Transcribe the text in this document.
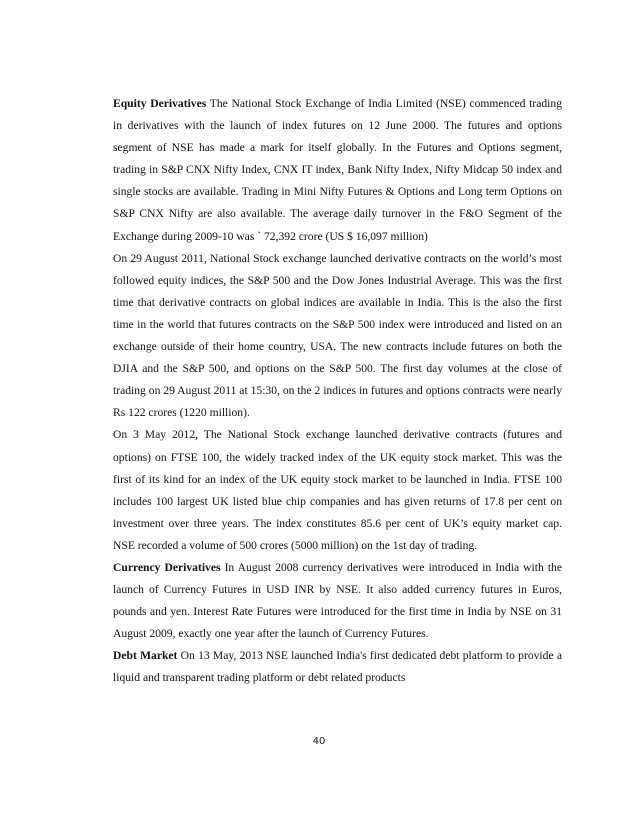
Equity Derivatives The National Stock Exchange of India Limited (NSE) commenced trading in derivatives with the launch of index futures on 12 June 2000. The futures and options segment of NSE has made a mark for itself globally. In the Futures and Options segment, trading in S&P CNX Nifty Index, CNX IT index, Bank Nifty Index, Nifty Midcap 50 index and single stocks are available. Trading in Mini Nifty Futures & Options and Long term Options on S&P CNX Nifty are also available. The average daily turnover in the F&O Segment of the Exchange during 2009-10 was ` 72,392 crore (US $ 16,097 million)

On 29 August 2011, National Stock exchange launched derivative contracts on the world’s most followed equity indices, the S&P 500 and the Dow Jones Industrial Average. This was the first time that derivative contracts on global indices are available in India. This is the also the first time in the world that futures contracts on the S&P 500 index were introduced and listed on an exchange outside of their home country, USA. The new contracts include futures on both the DJIA and the S&P 500, and options on the S&P 500. The first day volumes at the close of trading on 29 August 2011 at 15:30, on the 2 indices in futures and options contracts were nearly Rs 122 crores (1220 million).

On 3 May 2012, The National Stock exchange launched derivative contracts (futures and options) on FTSE 100, the widely tracked index of the UK equity stock market. This was the first of its kind for an index of the UK equity stock market to be launched in India. FTSE 100 includes 100 largest UK listed blue chip companies and has given returns of 17.8 per cent on investment over three years. The index constitutes 85.6 per cent of UK’s equity market cap. NSE recorded a volume of 500 crores (5000 million) on the 1st day of trading.

Currency Derivatives In August 2008 currency derivatives were introduced in India with the launch of Currency Futures in USD INR by NSE. It also added currency futures in Euros, pounds and yen. Interest Rate Futures were introduced for the first time in India by NSE on 31 August 2009, exactly one year after the launch of Currency Futures.

Debt Market On 13 May, 2013 NSE launched India's first dedicated debt platform to provide a liquid and transparent trading platform or debt related products

40
